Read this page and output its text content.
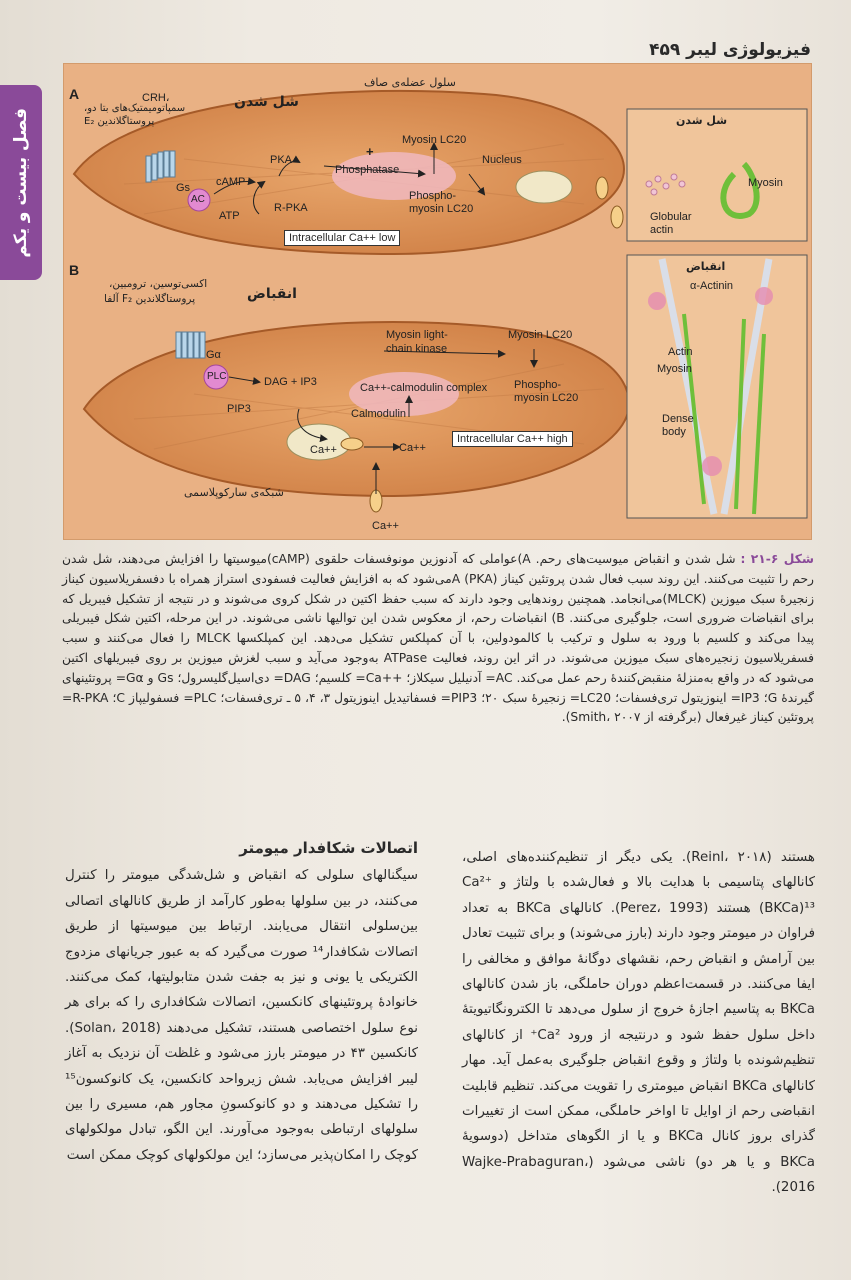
فیزیولوژی لیبر ۴۵۹
فصل بیست و یکم
سلول عضله‌ی صاف
A	شل شدن
CRH،
سمپاتومیمتیک‌های بتا دو،
پروستاگلاندین E₂
Gs
AC
cAMP
ATP
PKA
R-PKA
Phosphatase
+
Myosin LC20
Phospho-
myosin LC20
Nucleus
Intracellular Ca++ low
شل شدن
Myosin
Globular
actin
B
انقباض
اکسی‌توسین، ترومبین،
پروستاگلاندین F₂ آلفا
Gα
PLC	DAG + IP3
PIP3
Myosin light-
chain kinase
Myosin LC20
Ca++-calmodulin complex Phospho-
myosin LC20
Calmodulin
Ca++	Ca++
Ca++
Intracellular Ca++ high
شبکه‌ی سارکوپلاسمی
انقباض
α-Actinin
Actin
Myosin
Dense
body
شکل ۶-۲۱ : شل شدن و انقباض میوسیت‌های رحم. A)عواملی که آدنوزین مونوفسفات حلقوی (cAMP)میوسیتها را افزایش می‌دهند، شل شدن رحم را تثبیت می‌کنند. این روند سبب فعال شدن پروتئین کیناز A (PKA)می‌شود که به افزایش فعالیت فسفودی استراز همراه با دفسفریلاسیون کیناز زنجیرهٔ سبک میوزین (MLCK)می‌انجامد. همچنین روندهایی وجود دارند که سبب حفظ اکتین در شکل کروی می‌شوند و در نتیجه از تشکیل فیبریل که برای انقباضات ضروری است، جلوگیری می‌کنند. B) انقباضات رحم، از معکوس شدن این توالیها ناشی می‌شوند. در این مرحله، اکتین شکل فیبریلی پیدا می‌کند و کلسیم با ورود به سلول و ترکیب با کالمودولین، با آن کمپلکس تشکیل می‌دهد. این کمپلکسها MLCK را فعال می‌کنند و سبب فسفریلاسیون زنجیره‌های سبک میوزین می‌شوند. در اثر این روند، فعالیت ATPase به‌وجود می‌آید و سبب لغزش میوزین بر روی فیبریلهای اکتین می‌شود که در واقع به‌منزلهٔ منقبض‌کنندهٔ رحم عمل می‌کند. AC= آدنیلیل سیکلاز؛ ++Ca= کلسیم؛ DAG= دی‌اسیل‌گلیسرول؛ Gs و Gα= پروتئینهای گیرندهٔ G؛ IP3= اینوزیتول تری‌فسفات؛ LC20= زنجیرهٔ سبک ۲۰؛ PIP3= فسفاتیدیل اینوزیتول ۳، ۴، ۵ ـ تری‌فسفات؛ PLC= فسفولیپاز C؛ R-PKA= پروتئین کیناز غیرفعال (برگرفته از Smith، ۲۰۰۷).

هستند (Reinl، ۲۰۱۸). یکی دیگر از تنظیم‌کننده‌های اصلی، کانالهای پتاسیمی با هدایت بالا و فعال‌شده با ولتاژ و Ca²⁺ (BKCa)¹³ هستند (Perez، 1993). کانالهای BKCa به تعداد فراوان در میومتر وجود دارند (بارز می‌شوند) و برای تثبیت تعادل بین آرامش و انقباض رحم، نقشهای دوگانهٔ موافق و مخالفی را ایفا می‌کنند. در قسمت‌اعظم دوران حاملگی، باز شدن کانالهای BKCa به پتاسیم اجازهٔ خروج از سلول می‌دهد تا الکترونگاتیویتهٔ داخل سلول حفظ شود و درنتیجه از ورود Ca²⁺ از کانالهای تنظیم‌شونده با ولتاژ و وقوع انقباض جلوگیری به‌عمل آید. مهار کانالهای BKCa انقباض میومتری را تقویت می‌کند. تنظیم قابلیت انقباضی رحم از اوایل تا اواخر حاملگی، ممکن است از تغییرات گذرای بروز کانال BKCa و یا از الگوهای متداخل (دوسویهٔ BKCa و یا هر دو) ناشی می‌شود (Wajke-Prabaguran، 2016).

اتصالات شکافدار میومتر

سیگنالهای سلولی که انقباض و شل‌شدگی میومتر را کنترل می‌کنند، در بین سلولها به‌طور کارآمد از طریق کانالهای اتصالی بین‌سلولی انتقال می‌یابند. ارتباط بین میوسیتها از طریق اتصالات شکافدار¹⁴ صورت می‌گیرد که به عبور جریانهای مزدوج الکتریکی یا یونی و نیز به جفت شدن متابولیتها، کمک می‌کنند. خانوادهٔ پروتئینهای کانکسین، اتصالات شکافداری را که برای هر نوع سلول اختصاصی هستند، تشکیل می‌دهند (Solan، 2018). کانکسین ۴۳ در میومتر بارز می‌شود و غلظت آن نزدیک به آغاز لیبر افزایش می‌یابد. شش زیرواحد کانکسین، یک کانوکسون¹⁵ را تشکیل می‌دهند و دو کانوکسونِ مجاور هم، مسیری را بین سلولهای ارتباطی به‌وجود می‌آورند. این الگو، تبادل مولکولهای کوچک را امکان‌پذیر می‌سازد؛ این مولکولهای کوچک ممکن است
